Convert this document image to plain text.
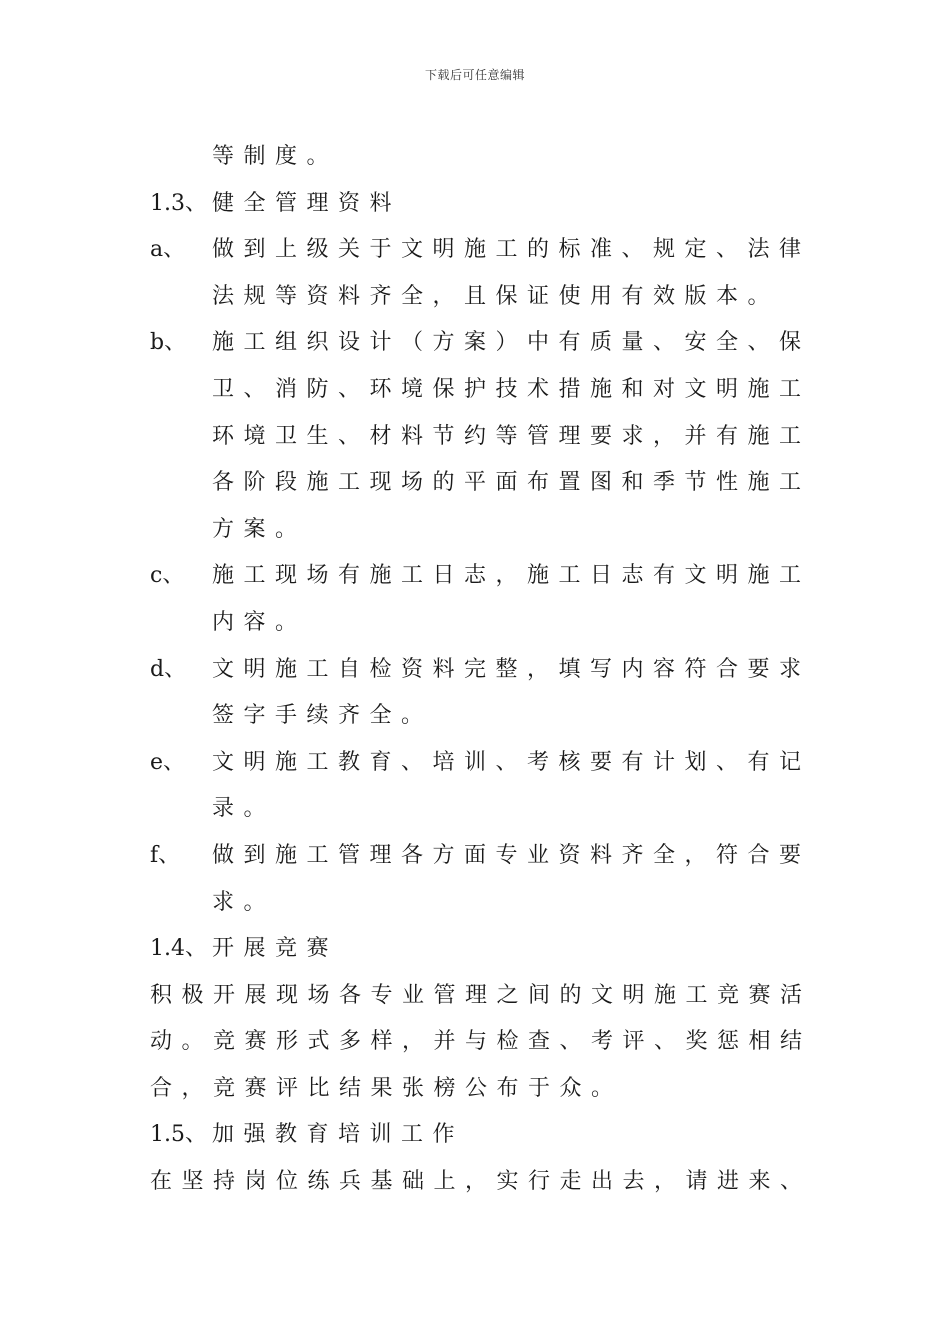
下载后可任意编辑
等制度。
1.3、 健全管理资料
a、 做到上级关于文明施工的标准、规定、法律
法规等资料齐全，且保证使用有效版本。
b、 施工组织设计（方案）中有质量、安全、保
卫、消防、环境保护技术措施和对文明施工
环境卫生、材料节约等管理要求，并有施工
各阶段施工现场的平面布置图和季节性施工
方案。
c、 施工现场有施工日志，施工日志有文明施工
内容。
d、 文明施工自检资料完整，填写内容符合要求
签字手续齐全。
e、 文明施工教育、培训、考核要有计划、有记
录。
f、 做到施工管理各方面专业资料齐全，符合要
求。
1.4、 开展竞赛
积极开展现场各专业管理之间的文明施工竞赛活
动。竞赛形式多样，并与检查、考评、奖惩相结
合，竞赛评比结果张榜公布于众。
1.5、 加强教育培训工作
在坚持岗位练兵基础上，实行走出去，请进来、
